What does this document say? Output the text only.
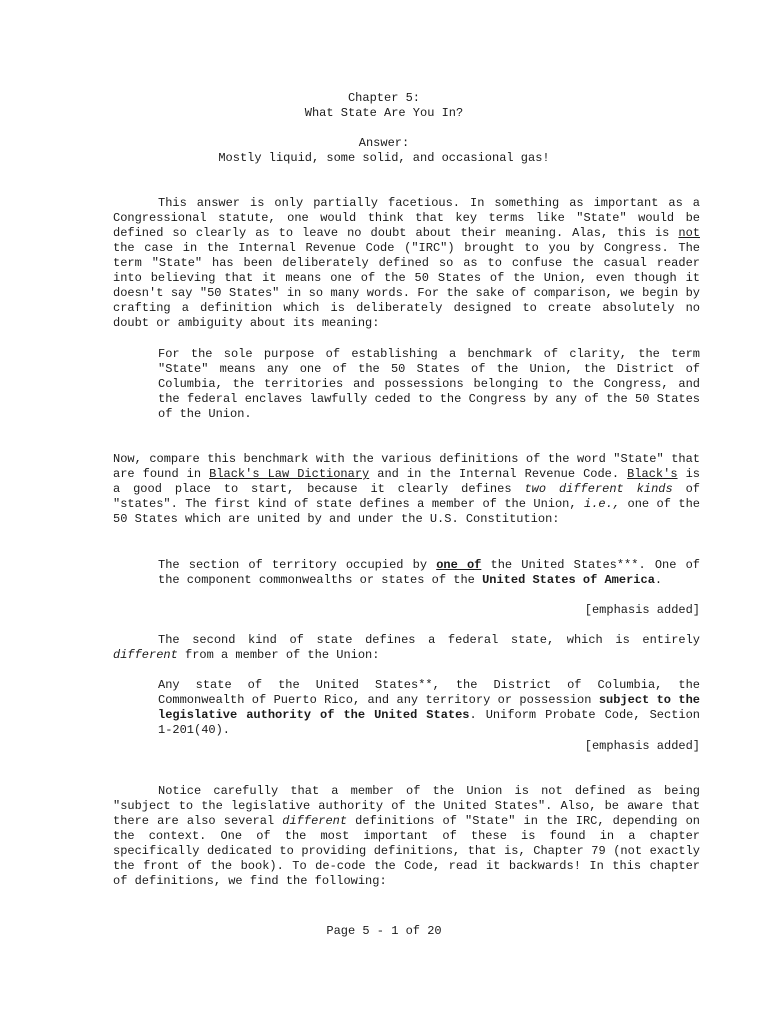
Chapter 5:
What State Are You In?
Answer:
Mostly liquid, some solid, and occasional gas!
This answer is only partially facetious. In something as important as a Congressional statute, one would think that key terms like "State" would be defined so clearly as to leave no doubt about their meaning. Alas, this is not the case in the Internal Revenue Code ("IRC") brought to you by Congress. The term "State" has been deliberately defined so as to confuse the casual reader into believing that it means one of the 50 States of the Union, even though it doesn't say "50 States" in so many words. For the sake of comparison, we begin by crafting a definition which is deliberately designed to create absolutely no doubt or ambiguity about its meaning:
For the sole purpose of establishing a benchmark of clarity, the term "State" means any one of the 50 States of the Union, the District of Columbia, the territories and possessions belonging to the Congress, and the federal enclaves lawfully ceded to the Congress by any of the 50 States of the Union.
Now, compare this benchmark with the various definitions of the word "State" that are found in Black's Law Dictionary and in the Internal Revenue Code. Black's is a good place to start, because it clearly defines two different kinds of "states". The first kind of state defines a member of the Union, i.e., one of the 50 States which are united by and under the U.S. Constitution:
The section of territory occupied by one of the United States***. One of the component commonwealths or states of the United States of America.
[emphasis added]
The second kind of state defines a federal state, which is entirely different from a member of the Union:
Any state of the United States**, the District of Columbia, the Commonwealth of Puerto Rico, and any territory or possession subject to the legislative authority of the United States. Uniform Probate Code, Section 1-201(40).
[emphasis added]
Notice carefully that a member of the Union is not defined as being "subject to the legislative authority of the United States". Also, be aware that there are also several different definitions of "State" in the IRC, depending on the context. One of the most important of these is found in a chapter specifically dedicated to providing definitions, that is, Chapter 79 (not exactly the front of the book). To de-code the Code, read it backwards! In this chapter of definitions, we find the following:
Page 5 - 1 of 20
